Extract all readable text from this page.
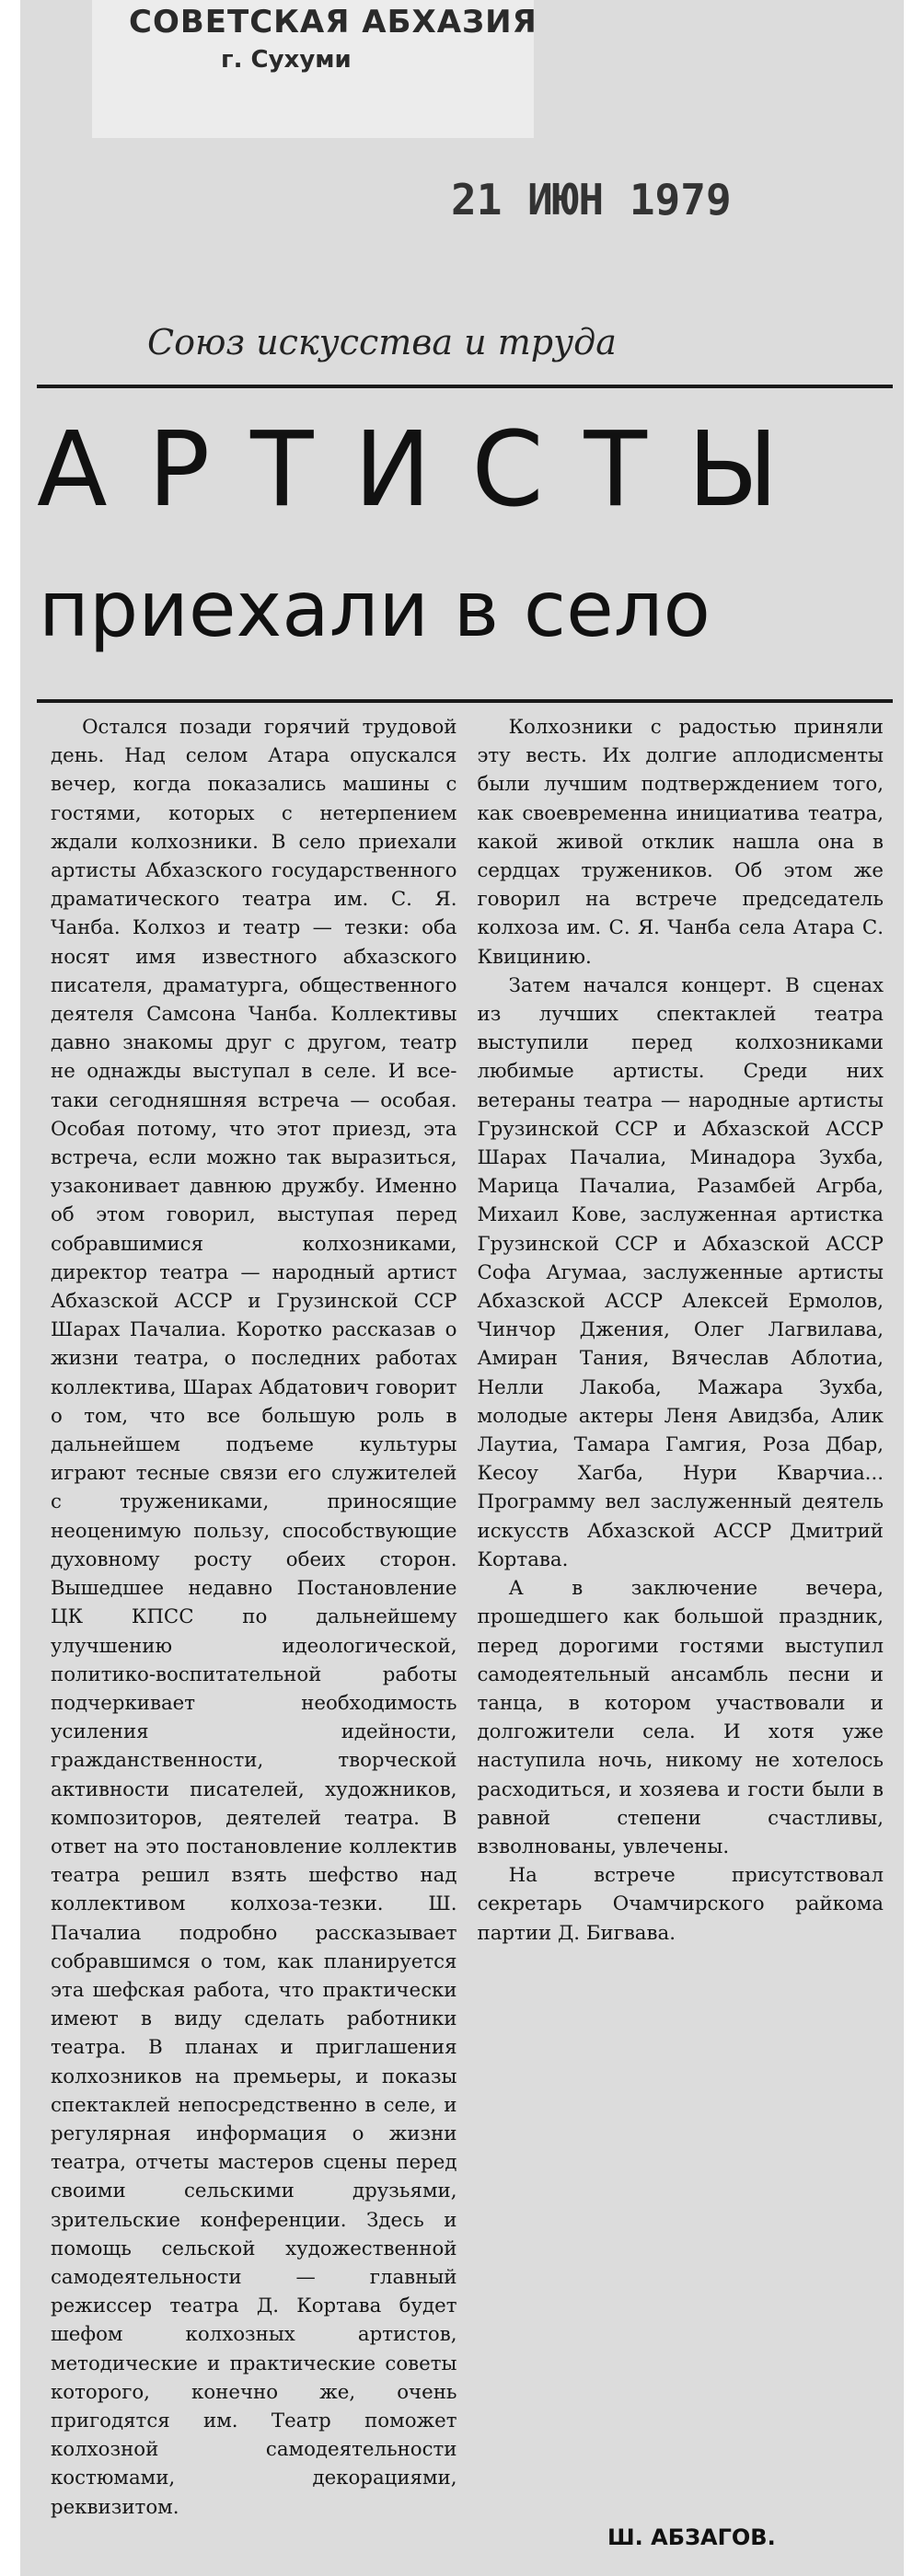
СОВЕТСКАЯ АБХАЗИЯ
г. Сухуми
21 ИЮН 1979
Союз искусства и труда
АРТИСТЫ
приехали в село

Остался позади горячий трудовой день. Над селом Атара опускался вечер, когда показались машины с гостями, которых с нетерпением ждали колхозники. В село приехали артисты Абхазского государственного драматического театра им. С. Я. Чанба. Колхоз и театр — тезки: оба носят имя известного абхазского писателя, драматурга, общественного деятеля Самсона Чанба. Коллективы давно знакомы друг с другом, театр не однажды выступал в селе. И все-таки сегодняшняя встреча — особая. Особая потому, что этот приезд, эта встреча, если можно так выразиться, узаконивает давнюю дружбу. Именно об этом говорил, выступая перед собравшимися колхозниками, директор театра — народный артист Абхазской АССР и Грузинской ССР Шарах Пачалиа. Коротко рассказав о жизни театра, о последних работах коллектива, Шарах Абдатович говорит о том, что все большую роль в дальнейшем подъеме культуры играют тесные связи его служителей с тружениками, приносящие неоценимую пользу, способствующие духовному росту обеих сторон. Вышедшее недавно Постановление ЦК КПСС по дальнейшему улучшению идеологической, политико-воспитательной работы подчеркивает необходимость усиления идейности, гражданственности, творческой активности писателей, художников, композиторов, деятелей театра. В ответ на это постановление коллектив театра решил взять шефство над коллективом колхоза-тезки. Ш. Пачалиа подробно рассказывает собравшимся о том, как планируется эта шефская работа, что практически имеют в виду сделать работники театра. В планах и приглашения колхозников на премьеры, и показы спектаклей непосредственно в селе, и регулярная информация о жизни театра, отчеты мастеров сцены перед своими сельскими друзьями, зрительские конференции. Здесь и помощь сельской художественной самодеятельности — главный режиссер театра Д. Кортава будет шефом колхозных артистов, методические и практические советы которого, конечно же, очень пригодятся им. Театр поможет колхозной самодеятельности костюмами, декорациями, реквизитом.

Колхозники с радостью приняли эту весть. Их долгие аплодисменты были лучшим подтверждением того, как своевременна инициатива театра, какой живой отклик нашла она в сердцах тружеников. Об этом же говорил на встрече председатель колхоза им. С. Я. Чанба села Атара С. Квицинию.

Затем начался концерт. В сценах из лучших спектаклей театра выступили перед колхозниками любимые артисты. Среди них ветераны театра — народные артисты Грузинской ССР и Абхазской АССР Шарах Пачалиа, Минадора Зухба, Марица Пачалиа, Разамбей Агрба, Михаил Кове, заслуженная артистка Грузинской ССР и Абхазской АССР Софа Агумаа, заслуженные артисты Абхазской АССР Алексей Ермолов, Чинчор Джения, Олег Лагвилава, Амиран Тания, Вячеслав Аблотиа, Нелли Лакоба, Мажара Зухба, молодые актеры Леня Авидзба, Алик Лаутиа, Тамара Гамгия, Роза Дбар, Кесоу Хагба, Нури Кварчиа... Программу вел заслуженный деятель искусств Абхазской АССР Дмитрий Кортава.

А в заключение вечера, прошедшего как большой праздник, перед дорогими гостями выступил самодеятельный ансамбль песни и танца, в котором участвовали и долгожители села. И хотя уже наступила ночь, никому не хотелось расходиться, и хозяева и гости были в равной степени счастливы, взволнованы, увлечены.

На встрече присутствовал секретарь Очамчирского райкома партии Д. Бигвава.

Ш. АБЗАГОВ.
